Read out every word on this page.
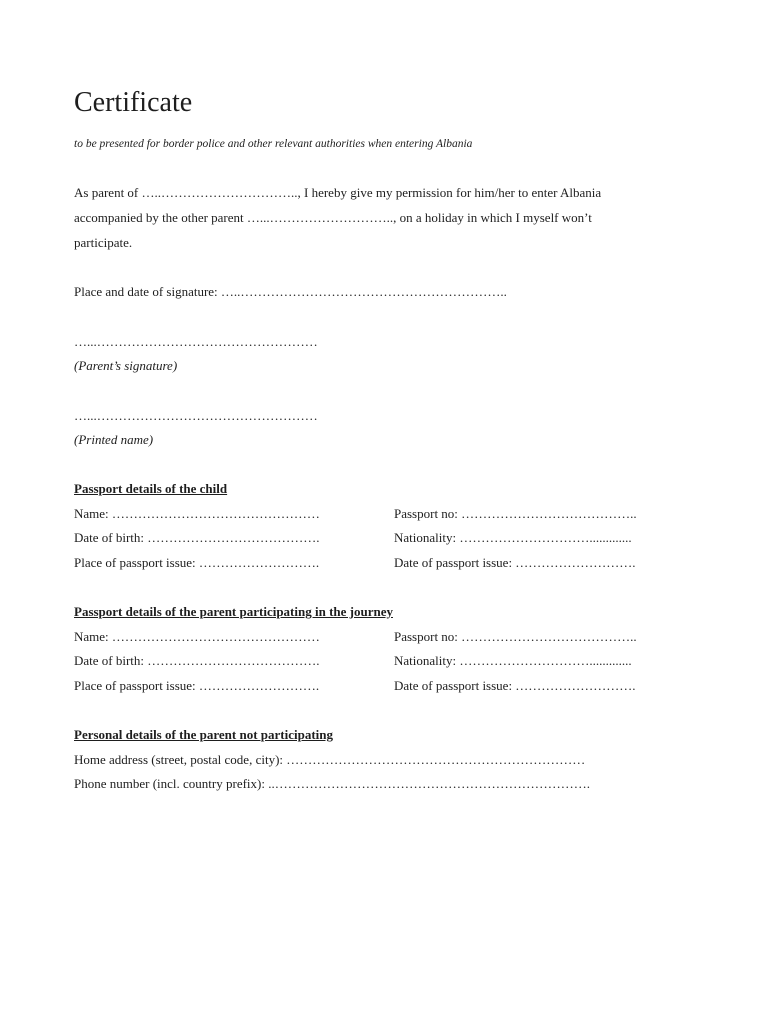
Certificate

to be presented for border police and other relevant authorities when entering Albania

As parent of …..………………………….., I hereby give my permission for him/her to enter Albania

accompanied by the other parent …...……………………….., on a holiday in which I myself won’t

participate.

Place and date of signature: …..……………………………………………………..

…...……………………………………………

(Parent’s signature)

…...……………………………………………

(Printed name)

Passport details of the child

Name: …………………………………………	Passport no: …………………………………..

Date of birth: ………………………………….	Nationality: ………………………….............

Place of passport issue: ……………………….	Date of passport issue: ……………………….

Passport details of the parent participating in the journey

Name: …………………………………………	Passport no: …………………………………..

Date of birth: ………………………………….	Nationality: ………………………….............

Place of passport issue: ……………………….	Date of passport issue: ……………………….

Personal details of the parent not participating

Home address (street, postal code, city): ……………………………………………………………

Phone number (incl. country prefix): ..……………………………………………………………….
